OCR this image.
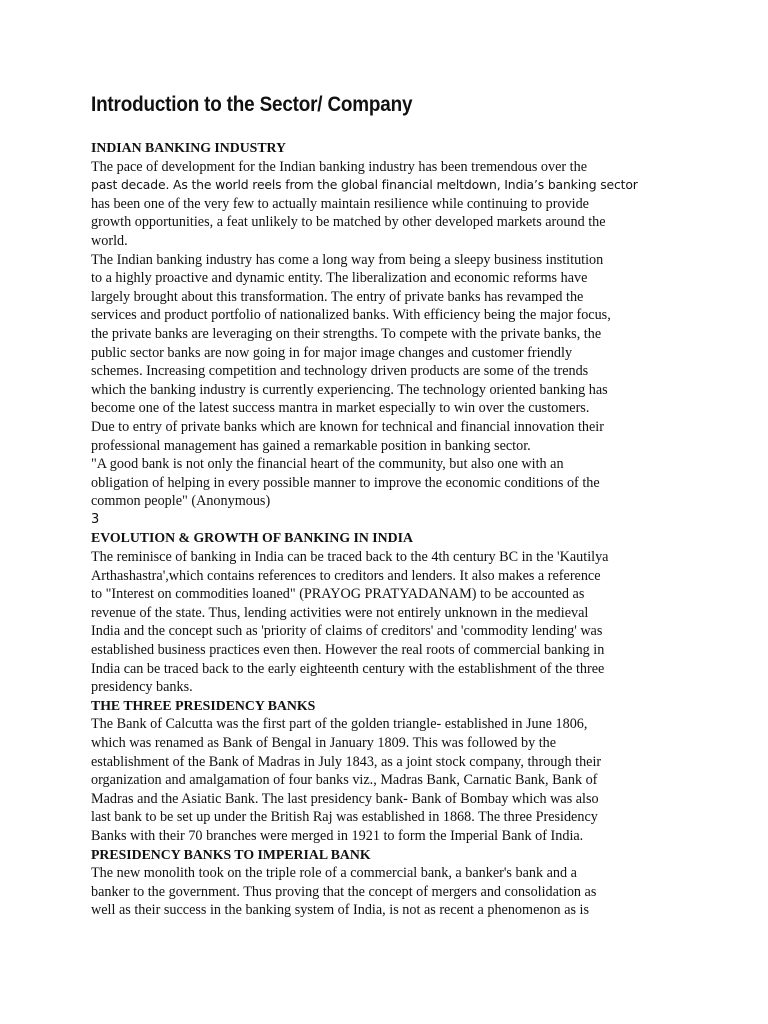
Introduction to the Sector/ Company
INDIAN BANKING INDUSTRY
The pace of development for the Indian banking industry has been tremendous over the
past decade. As the world reels from the global financial meltdown, India’s banking sector
has been one of the very few to actually maintain resilience while continuing to provide
growth opportunities, a feat unlikely to be matched by other developed markets around the
world.
The Indian banking industry has come a long way from being a sleepy business institution
to a highly proactive and dynamic entity. The liberalization and economic reforms have
largely brought about this transformation. The entry of private banks has revamped the
services and product portfolio of nationalized banks. With efficiency being the major focus,
the private banks are leveraging on their strengths. To compete with the private banks, the
public sector banks are now going in for major image changes and customer friendly
schemes. Increasing competition and technology driven products are some of the trends
which the banking industry is currently experiencing. The technology oriented banking has
become one of the latest success mantra in market especially to win over the customers.
Due to entry of private banks which are known for technical and financial innovation their
professional management has gained a remarkable position in banking sector.
"A good bank is not only the financial heart of the community, but also one with an
obligation of helping in every possible manner to improve the economic conditions of the
common people" (Anonymous)
3
EVOLUTION & GROWTH OF BANKING IN INDIA
The reminisce of banking in India can be traced back to the 4th century BC in the 'Kautilya
Arthashastra',which contains references to creditors and lenders. It also makes a reference
to "Interest on commodities loaned" (PRAYOG PRATYADANAM) to be accounted as
revenue of the state. Thus, lending activities were not entirely unknown in the medieval
India and the concept such as 'priority of claims of creditors' and 'commodity lending' was
established business practices even then. However the real roots of commercial banking in
India can be traced back to the early eighteenth century with the establishment of the three
presidency banks.
THE THREE PRESIDENCY BANKS
The Bank of Calcutta was the first part of the golden triangle- established in June 1806,
which was renamed as Bank of Bengal in January 1809. This was followed by the
establishment of the Bank of Madras in July 1843, as a joint stock company, through their
organization and amalgamation of four banks viz., Madras Bank, Carnatic Bank, Bank of
Madras and the Asiatic Bank. The last presidency bank- Bank of Bombay which was also
last bank to be set up under the British Raj was established in 1868. The three Presidency
Banks with their 70 branches were merged in 1921 to form the Imperial Bank of India.
PRESIDENCY BANKS TO IMPERIAL BANK
The new monolith took on the triple role of a commercial bank, a banker's bank and a
banker to the government. Thus proving that the concept of mergers and consolidation as
well as their success in the banking system of India, is not as recent a phenomenon as is
